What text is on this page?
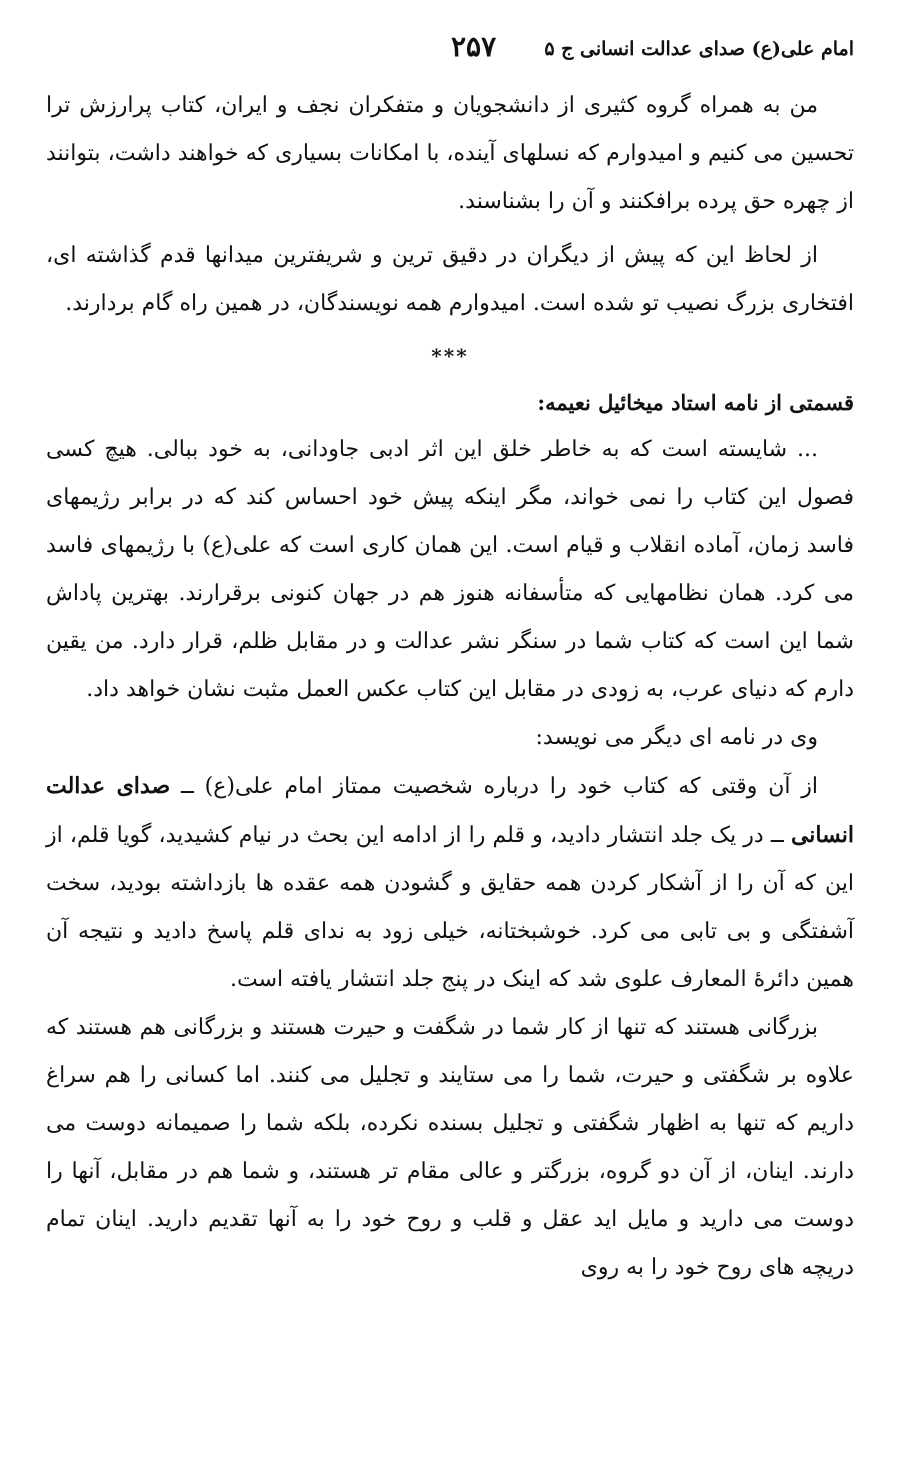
امام علی(ع) صدای عدالت انسانی ج ۵
۲۵۷

من به همراه گروه کثیری از دانشجویان و متفکران نجف و ایران، کتاب پرارزش ترا تحسین می کنیم و امیدوارم که نسلهای آینده، با امکانات بسیاری که خواهند داشت، بتوانند از چهره حق پرده برافکنند و آن را بشناسند.

از لحاظ این که پیش از دیگران در دقیق ترین و شریفترین میدانها قدم گذاشته ای، افتخاری بزرگ نصیب تو شده است. امیدوارم همه نویسندگان، در همین راه گام بردارند.

***

قسمتی از نامه استاد میخائیل نعیمه:

... شایسته است که به خاطر خلق این اثر ادبی جاودانی، به خود ببالی. هیچ کسی فصول این کتاب را نمی خواند، مگر اینکه پیش خود احساس کند که در برابر رژیمهای فاسد زمان، آماده انقلاب و قیام است. این همان کاری است که علی(ع) با رژیمهای فاسد می کرد. همان نظامهایی که متأسفانه هنوز هم در جهان کنونی برقرارند. بهترین پاداش شما این است که کتاب شما در سنگر نشر عدالت و در مقابل ظلم، قرار دارد. من یقین دارم که دنیای عرب، به زودی در مقابل این کتاب عکس العمل مثبت نشان خواهد داد.

وی در نامه ای دیگر می نویسد:

از آن وقتی که کتاب خود را درباره شخصیت ممتاز امام علی(ع) ــ صدای عدالت انسانی ــ در یک جلد انتشار دادید، و قلم را از ادامه این بحث در نیام کشیدید، گویا قلم، از این که آن را از آشکار کردن همه حقایق و گشودن همه عقده ها بازداشته بودید، سخت آشفتگی و بی تابی می کرد. خوشبختانه، خیلی زود به ندای قلم پاسخ دادید و نتیجه آن همین دائرهٔ المعارف علوی شد که اینک در پنج جلد انتشار یافته است.

بزرگانی هستند که تنها از کار شما در شگفت و حیرت هستند و بزرگانی هم هستند که علاوه بر شگفتی و حیرت، شما را می ستایند و تجلیل می کنند. اما کسانی را هم سراغ داریم که تنها به اظهار شگفتی و تجلیل بسنده نکرده، بلکه شما را صمیمانه دوست می دارند. اینان، از آن دو گروه، بزرگتر و عالی مقام تر هستند، و شما هم در مقابل، آنها را دوست می دارید و مایل اید عقل و قلب و روح خود را به آنها تقدیم دارید. اینان تمام دریچه های روح خود را به روی
